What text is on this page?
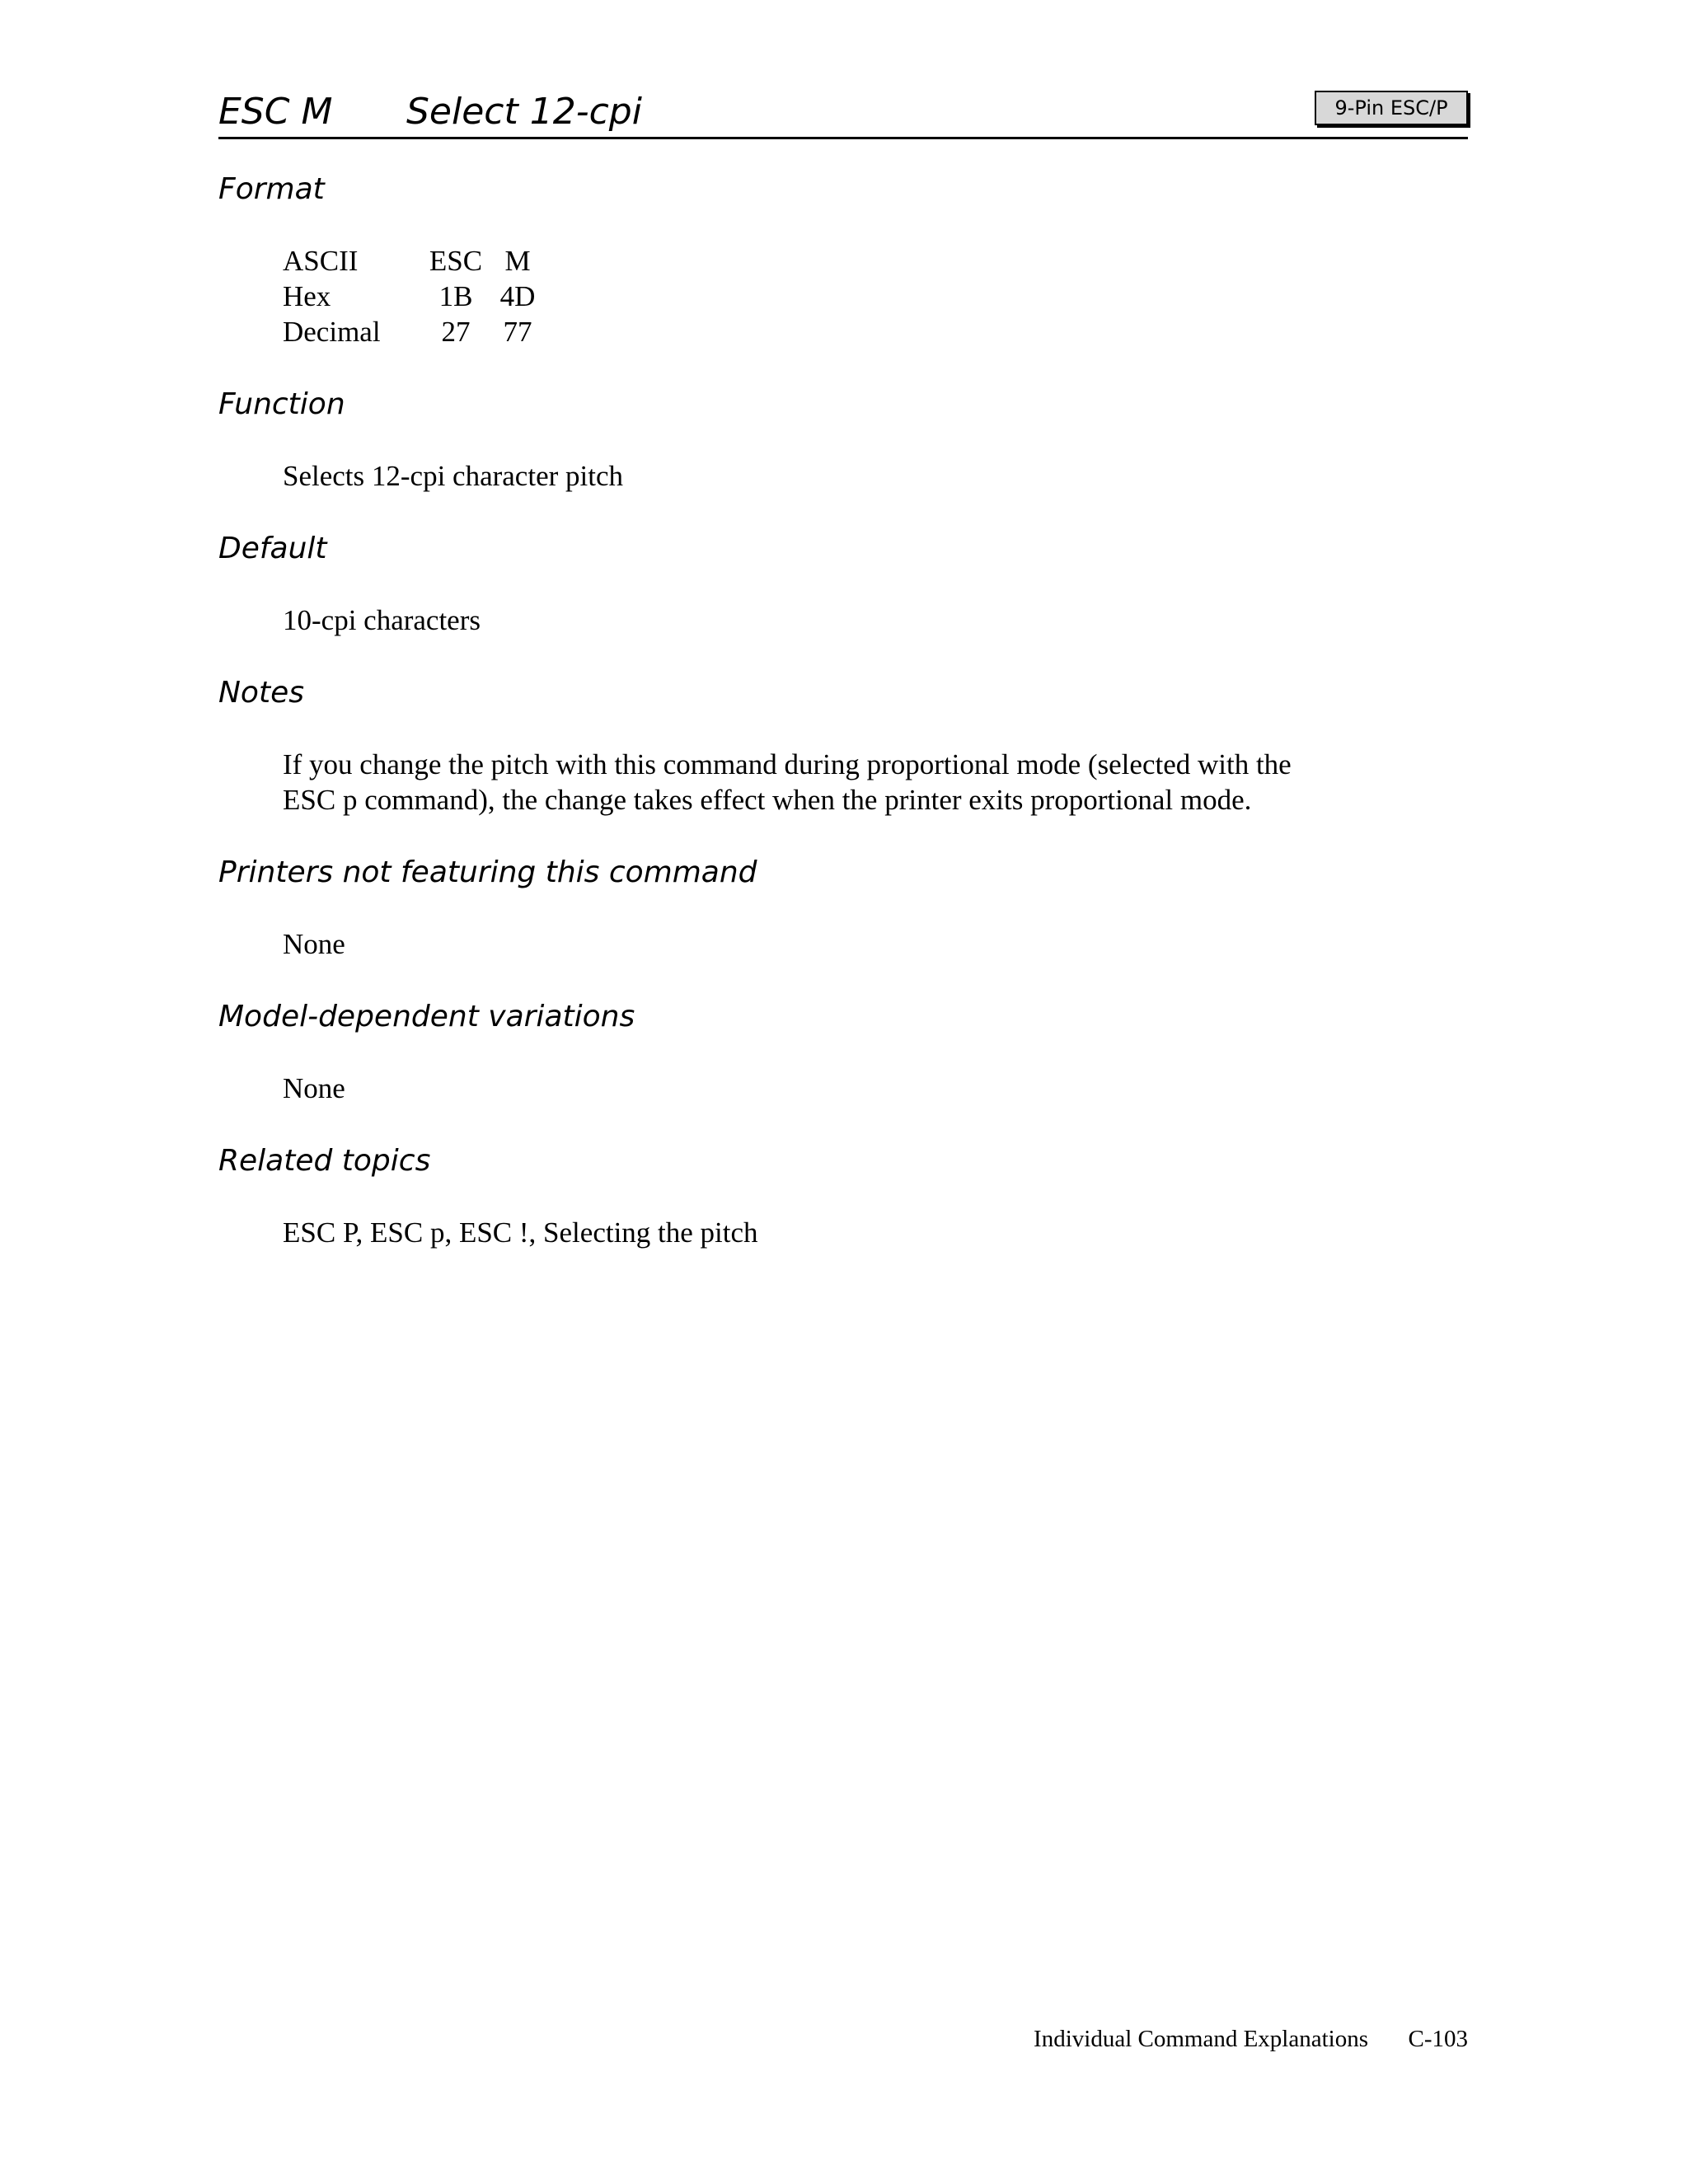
ESC M Select 12-cpi	9-Pin ESC/P
Format
ASCII	ESC	M
Hex	1B	4D
Decimal	27	77
Function
Selects 12-cpi character pitch
Default
10-cpi characters
Notes
If you change the pitch with this command during proportional mode (selected with the
ESC p command), the change takes effect when the printer exits proportional mode.
Printers not featuring this command
None
Model-dependent variations
None
Related topics
ESC P, ESC p, ESC !, Selecting the pitch
Individual Command Explanations C-103
